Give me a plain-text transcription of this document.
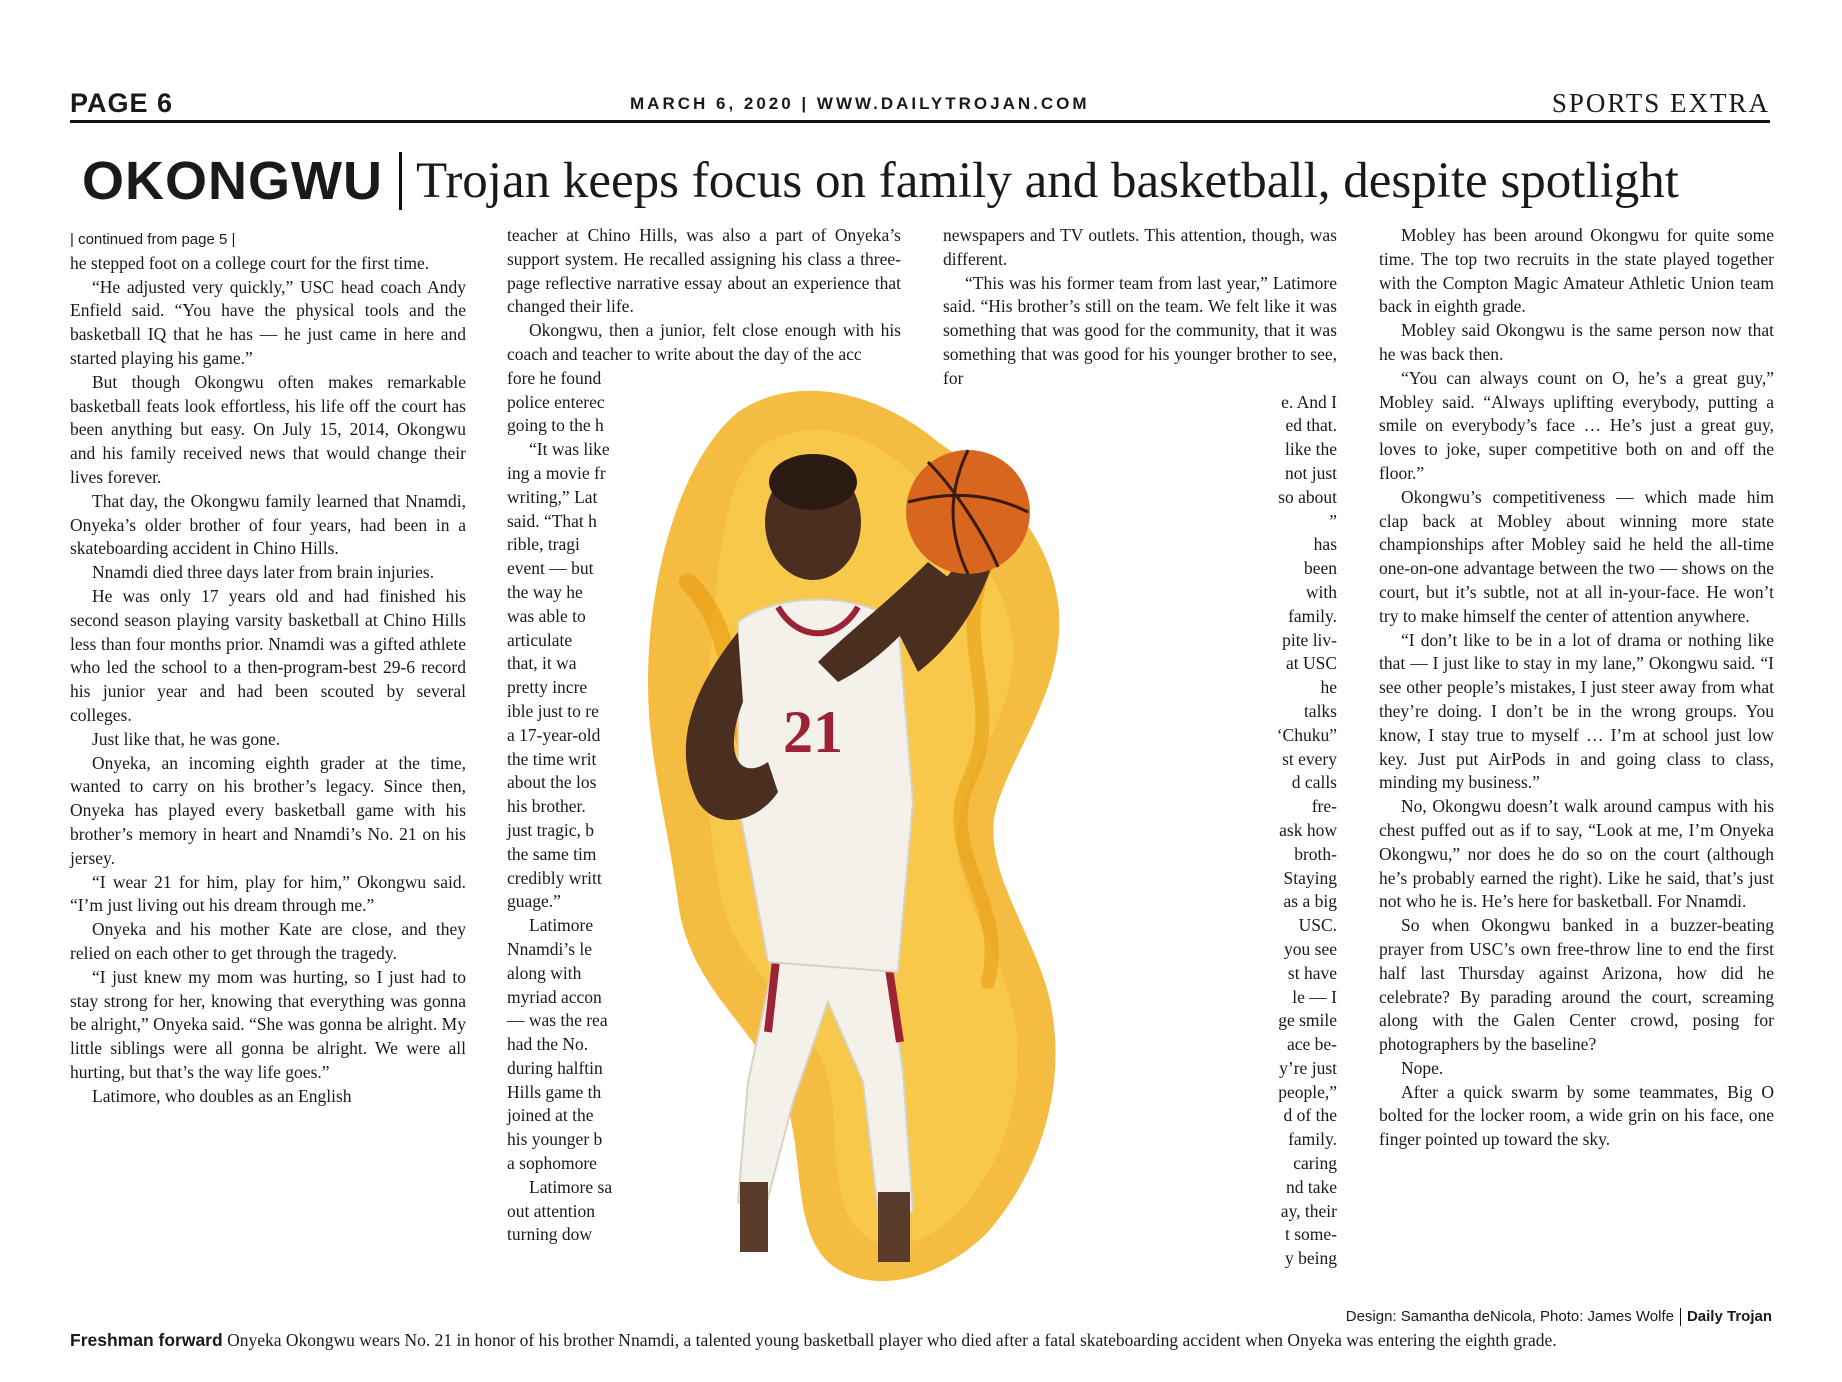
PAGE 6	MARCH 6, 2020 | WWW.DAILYTROJAN.COM	SPORTS EXTRA
OKONGWU Trojan keeps focus on family and basketball, despite spotlight

| continued from page 5 |

he stepped foot on a college court for the first time.

“He adjusted very quickly,” USC head coach Andy Enfield said. “You have the physical tools and the basketball IQ that he has — he just came in here and started playing his game.”

But though Okongwu often makes remarkable basketball feats look effortless, his life off the court has been anything but easy. On July 15, 2014, Okongwu and his family received news that would change their lives forever.

That day, the Okongwu family learned that Nnamdi, Onyeka’s older brother of four years, had been in a skateboarding accident in Chino Hills.

Nnamdi died three days later from brain injuries.

He was only 17 years old and had finished his second season playing varsity basketball at Chino Hills less than four months prior. Nnamdi was a gifted athlete who led the school to a then-program-best 29-6 record his junior year and had been scouted by several colleges.

Just like that, he was gone.

Onyeka, an incoming eighth grader at the time, wanted to carry on his brother’s legacy. Since then, Onyeka has played every basketball game with his brother’s memory in heart and Nnamdi’s No. 21 on his jersey.

“I wear 21 for him, play for him,” Okongwu said. “I’m just living out his dream through me.”

Onyeka and his mother Kate are close, and they relied on each other to get through the tragedy.

“I just knew my mom was hurting, so I just had to stay strong for her, knowing that everything was gonna be alright,” Onyeka said. “She was gonna be alright. My little siblings were all gonna be alright. We were all hurting, but that’s the way life goes.”

Latimore, who doubles as an English

teacher at Chino Hills, was also a part of Onyeka’s support system. He recalled assigning his class a three-page reflective narrative essay about an experience that changed their life.

Okongwu, then a junior, felt close enough with his coach and teacher to write about the day of the acc

fore he found

police enterec

going to the h

“It was like

ing a movie fr

writing,” Lat

said. “That h

rible, tragi

event — but

the way he

was able to

articulate

that, it wa

pretty incre

ible just to re

a 17-year-old

the time writ

about the los

his brother.

just tragic, b

the same tim

credibly writt

guage.”

Latimore

Nnamdi’s le

along with

myriad accon

— was the rea

had the No.

during halftin

Hills game th

joined at the

his younger b

a sophomore

Latimore sa

out attention

turning dow

newspapers and TV outlets. This attention, though, was different.

“This was his former team from last year,” Latimore said. “His brother’s still on the team. We felt like it was something that was good for the community, that it was something that was good for his younger brother to see, for

e. And I

ed that.

like the

not just

so about

”

has

been

with

family.

pite liv-

at USC

he

talks

‘Chuku”

st every

d calls

fre-

ask how

broth-

Staying

as a big

USC.

you see

st have

le — I

ge smile

ace be-

y’re just

people,”

d of the

family.

caring

nd take

ay, their

t some-

y being

Mobley has been around Okongwu for quite some time. The top two recruits in the state played together with the Compton Magic Amateur Athletic Union team back in eighth grade.

Mobley said Okongwu is the same person now that he was back then.

“You can always count on O, he’s a great guy,” Mobley said. “Always uplifting everybody, putting a smile on everybody’s face … He’s just a great guy, loves to joke, super competitive both on and off the floor.”

Okongwu’s competitiveness — which made him clap back at Mobley about winning more state championships after Mobley said he held the all-time one-on-one advantage between the two — shows on the court, but it’s subtle, not at all in-your-face. He won’t try to make himself the center of attention anywhere.

“I don’t like to be in a lot of drama or nothing like that — I just like to stay in my lane,” Okongwu said. “I see other people’s mistakes, I just steer away from what they’re doing. I don’t be in the wrong groups. You know, I stay true to myself … I’m at school just low key. Just put AirPods in and going class to class, minding my business.”

No, Okongwu doesn’t walk around campus with his chest puffed out as if to say, “Look at me, I’m Onyeka Okongwu,” nor does he do so on the court (although he’s probably earned the right). Like he said, that’s just not who he is. He’s here for basketball. For Nnamdi.

So when Okongwu banked in a buzzer-beating prayer from USC’s own free-throw line to end the first half last Thursday against Arizona, how did he celebrate? By parading around the court, screaming along with the Galen Center crowd, posing for photographers by the baseline?

Nope.

After a quick swarm by some teammates, Big O bolted for the locker room, a wide grin on his face, one finger pointed up toward the sky.

21
Design: Samantha deNicola, Photo: James Wolfe Daily Trojan
Freshman forward Onyeka Okongwu wears No. 21 in honor of his brother Nnamdi, a talented young basketball player who died after a fatal skateboarding accident when Onyeka was entering the eighth grade.
